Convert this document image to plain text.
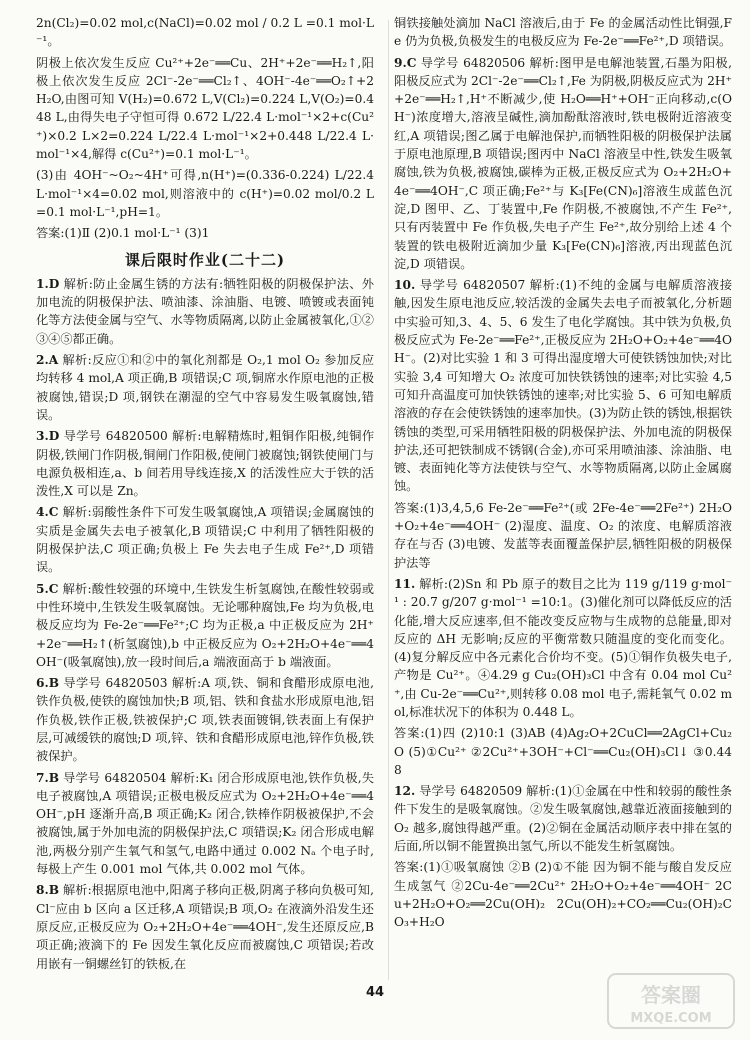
2n(Cl₂)=0.02 mol,c(NaCl)=0.02 mol / 0.2 L =0.1 mol·L⁻¹。

阴极上依次发生反应 Cu²⁺+2e⁻══Cu、2H⁺+2e⁻══H₂↑,阳极上依次发生反应 2Cl⁻-2e⁻══Cl₂↑、4OH⁻-4e⁻══O₂↑+2H₂O,由图可知 V(H₂)=0.672 L,V(Cl₂)=0.224 L,V(O₂)=0.448 L,由得失电子守恒可得 0.672 L/22.4 L·mol⁻¹×2+c(Cu²⁺)×0.2 L×2=0.224 L/22.4 L·mol⁻¹×2+0.448 L/22.4 L·mol⁻¹×4,解得 c(Cu²⁺)=0.1 mol·L⁻¹。

(3)由 4OH⁻~O₂~4H⁺可得,n(H⁺)=(0.336-0.224) L/22.4 L·mol⁻¹×4=0.02 mol,则溶液中的 c(H⁺)=0.02 mol/0.2 L=0.1 mol·L⁻¹,pH=1。

答案:(1)Ⅱ (2)0.1 mol·L⁻¹ (3)1

课后限时作业(二十二)

1.D 解析:防止金属生锈的方法有:牺牲阳极的阴极保护法、外加电流的阴极保护法、喷油漆、涂油脂、电镀、喷镀或表面钝化等方法使金属与空气、水等物质隔离,以防止金属被氧化,①②③④⑤都正确。

2.A 解析:反应①和②中的氧化剂都是 O₂,1 mol O₂ 参加反应均转移 4 mol,A 项正确,B 项错误;C 项,铜席水作原电池的正极被腐蚀,错误;D 项,钢铁在潮湿的空气中容易发生吸氧腐蚀,错误。

3.D 导学号 64820500 解析:电解精炼时,粗铜作阳极,纯铜作阴极,铁闸门作阴极,铜闸门作阳极,使闸门被腐蚀;钢铁使闸门与电源负极相连,a、b 间若用导线连接,X 的活泼性应大于铁的活泼性,X 可以是 Zn。

4.C 解析:弱酸性条件下可发生吸氧腐蚀,A 项错误;金属腐蚀的实质是金属失去电子被氧化,B 项错误;C 中利用了牺牲阳极的阴极保护法,C 项正确;负极上 Fe 失去电子生成 Fe²⁺,D 项错误。

5.C 解析:酸性较强的环境中,生铁发生析氢腐蚀,在酸性较弱或中性环境中,生铁发生吸氧腐蚀。无论哪种腐蚀,Fe 均为负极,电极反应均为 Fe-2e⁻══Fe²⁺;C 均为正极,a 中正极反应为 2H⁺+2e⁻══H₂↑(析氢腐蚀),b 中正极反应为 O₂+2H₂O+4e⁻══4OH⁻(吸氧腐蚀),放一段时间后,a 端液面高于 b 端液面。

6.B 导学号 64820503 解析:A 项,铁、铜和食醋形成原电池,铁作负极,使铁的腐蚀加快;B 项,铝、铁和食盐水形成原电池,铝作负极,铁作正极,铁被保护;C 项,铁表面镀铜,铁表面上有保护层,可减缓铁的腐蚀;D 项,锌、铁和食醋形成原电池,锌作负极,铁被保护。

7.B 导学号 64820504 解析:K₁ 闭合形成原电池,铁作负极,失电子被腐蚀,A 项错误;正极电极反应式为 O₂+2H₂O+4e⁻══4OH⁻,pH 逐渐升高,B 项正确;K₂ 闭合,铁棒作阴极被保护,不会被腐蚀,属于外加电流的阴极保护法,C 项错误;K₂ 闭合形成电解池,两极分别产生氧气和氢气,电路中通过 0.002 Nₐ 个电子时,每极上产生 0.001 mol 气体,共 0.002 mol 气体。

8.B 解析:根据原电池中,阳离子移向正极,阴离子移向负极可知,Cl⁻应由 b 区向 a 区迁移,A 项错误;B 项,O₂ 在液滴外沿发生还原反应,正极反应为 O₂+2H₂O+4e⁻══4OH⁻,发生还原反应,B 项正确;液滴下的 Fe 因发生氧化反应而被腐蚀,C 项错误;若改用嵌有一铜螺丝钉的铁板,在

铜铁接触处滴加 NaCl 溶液后,由于 Fe 的金属活动性比铜强,Fe 仍为负极,负极发生的电极反应为 Fe-2e⁻══Fe²⁺,D 项错误。

9.C 导学号 64820506 解析:图甲是电解池装置,石墨为阳极,阳极反应式为 2Cl⁻-2e⁻══Cl₂↑,Fe 为阴极,阴极反应式为 2H⁺+2e⁻══H₂↑,H⁺不断减少,使 H₂O══H⁺+OH⁻正向移动,c(OH⁻)浓度增大,溶液呈碱性,滴加酚酞溶液时,铁电极附近溶液变红,A 项错误;图乙属于电解池保护,而牺牲阳极的阴极保护法属于原电池原理,B 项错误;图丙中 NaCl 溶液呈中性,铁发生吸氧腐蚀,铁为负极,被腐蚀,碳棒为正极,正极反应式为 O₂+2H₂O+4e⁻══4OH⁻,C 项正确;Fe²⁺与 K₃[Fe(CN)₆]溶液生成蓝色沉淀,D 图甲、乙、丁装置中,Fe 作阴极,不被腐蚀,不产生 Fe²⁺,只有丙装置中 Fe 作负极,失电子产生 Fe²⁺,故分别给上述 4 个装置的铁电极附近滴加少量 K₃[Fe(CN)₆]溶液,丙出现蓝色沉淀,D 项错误。

10. 导学号 64820507 解析:(1)不纯的金属与电解质溶液接触,因发生原电池反应,较活泼的金属失去电子而被氧化,分析题中实验可知,3、4、5、6 发生了电化学腐蚀。其中铁为负极,负极反应式为 Fe-2e⁻══Fe²⁺,正极反应为 2H₂O+O₂+4e⁻══4OH⁻。(2)对比实验 1 和 3 可得出湿度增大可使铁锈蚀加快;对比实验 3,4 可知增大 O₂ 浓度可加快铁锈蚀的速率;对比实验 4,5 可知升高温度可加快铁锈蚀的速率;对比实验 5、6 可知电解质溶液的存在会使铁锈蚀的速率加快。(3)为防止铁的锈蚀,根据铁锈蚀的类型,可采用牺牲阳极的阴极保护法、外加电流的阴极保护法,还可把铁制成不锈钢(合金),亦可采用喷油漆、涂油脂、电镀、表面钝化等方法使铁与空气、水等物质隔离,以防止金属腐蚀。

答案:(1)3,4,5,6 Fe-2e⁻══Fe²⁺(或 2Fe-4e⁻══2Fe²⁺) 2H₂O+O₂+4e⁻══4OH⁻ (2)湿度、温度、O₂ 的浓度、电解质溶液存在与否 (3)电镀、发蓝等表面覆盖保护层,牺牲阳极的阴极保护法等

11. 解析:(2)Sn 和 Pb 原子的数目之比为 119 g/119 g·mol⁻¹ : 20.7 g/207 g·mol⁻¹ =10:1。(3)催化剂可以降低反应的活化能,增大反应速率,但不能改变反应物与生成物的总能量,即对反应的 ΔH 无影响;反应的平衡常数只随温度的变化而变化。(4)复分解反应中各元素化合价均不变。(5)①铜作负极失电子,产物是 Cu²⁺。④4.29 g Cu₂(OH)₃Cl 中含有 0.04 mol Cu²⁺,由 Cu-2e⁻══Cu²⁺,则转移 0.08 mol 电子,需耗氧气 0.02 mol,标准状况下的体积为 0.448 L。

答案:(1)四 (2)10:1 (3)AB (4)Ag₂O+2CuCl══2AgCl+Cu₂O (5)①Cu²⁺ ②2Cu²⁺+3OH⁻+Cl⁻══Cu₂(OH)₃Cl↓ ③0.448

12. 导学号 64820509 解析:(1)①金属在中性和较弱的酸性条件下发生的是吸氧腐蚀。②发生吸氧腐蚀,越靠近液面接触到的 O₂ 越多,腐蚀得越严重。(2)②铜在金属活动顺序表中排在氢的后面,所以铜不能置换出氢气,所以不能发生析氢腐蚀。

答案:(1)①吸氧腐蚀 ②B (2)①不能 因为铜不能与酸自发反应生成氢气 ②2Cu-4e⁻══2Cu²⁺ 2H₂O+O₂+4e⁻══4OH⁻ 2Cu+2H₂O+O₂══2Cu(OH)₂ 2Cu(OH)₂+CO₂══Cu₂(OH)₂CO₃+H₂O

44	答案圈
MXQE.COM
